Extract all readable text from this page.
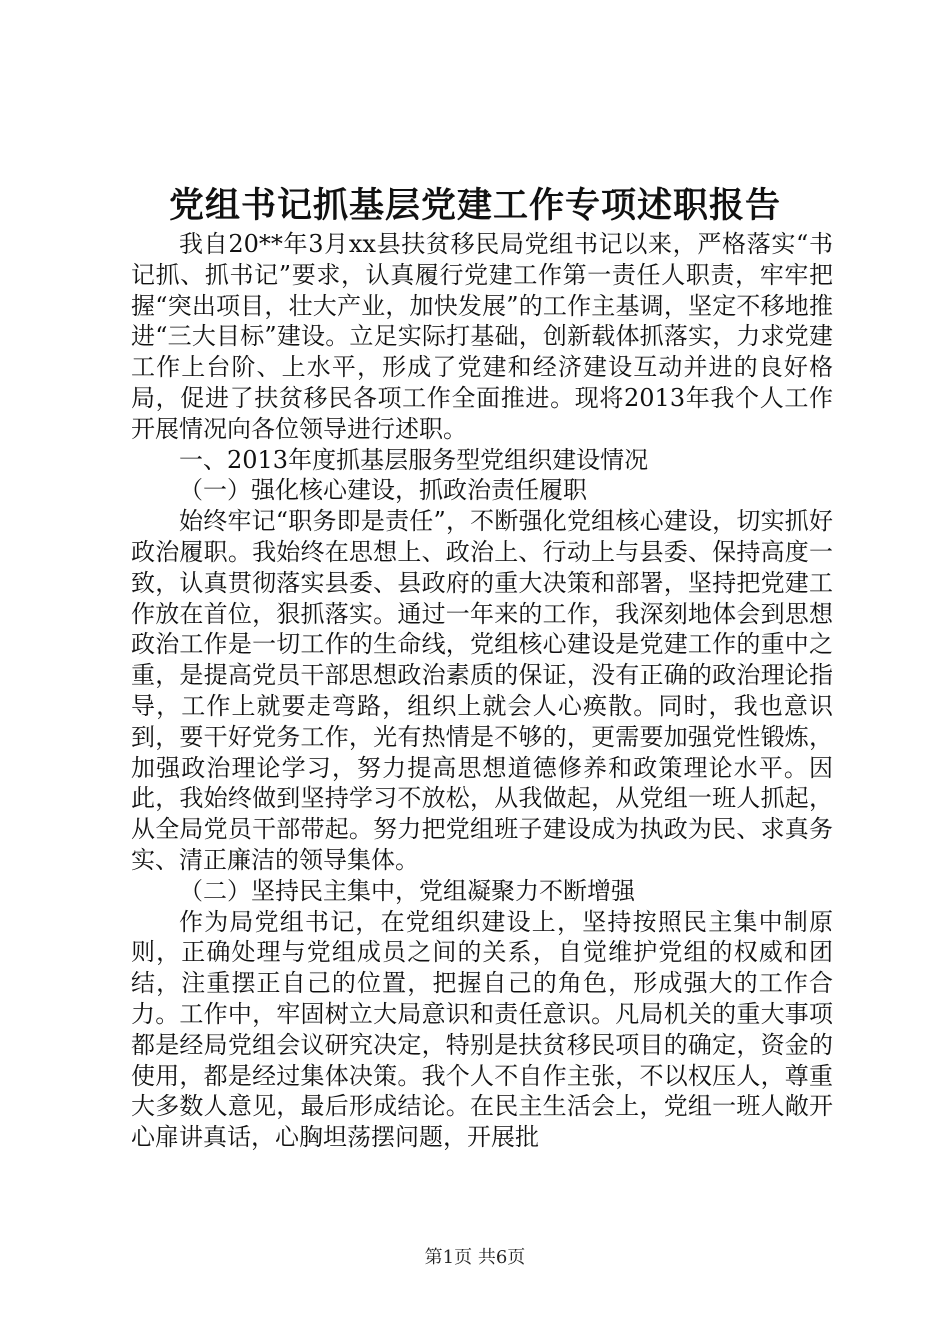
党组书记抓基层党建工作专项述职报告

我自20**年3月xx县扶贫移民局党组书记以来，严格落实“书记抓、抓书记”要求，认真履行党建工作第一责任人职责，牢牢把握“突出项目，壮大产业，加快发展”的工作主基调，坚定不移地推进“三大目标”建设。立足实际打基础，创新载体抓落实，力求党建工作上台阶、上水平，形成了党建和经济建设互动并进的良好格局，促进了扶贫移民各项工作全面推进。现将2013年我个人工作开展情况向各位领导进行述职。

一、2013年度抓基层服务型党组织建设情况

（一）强化核心建设，抓政治责任履职

始终牢记“职务即是责任”，不断强化党组核心建设，切实抓好政治履职。我始终在思想上、政治上、行动上与县委、保持高度一致，认真贯彻落实县委、县政府的重大决策和部署，坚持把党建工作放在首位，狠抓落实。通过一年来的工作，我深刻地体会到思想政治工作是一切工作的生命线，党组核心建设是党建工作的重中之重，是提高党员干部思想政治素质的保证，没有正确的政治理论指导，工作上就要走弯路，组织上就会人心痪散。同时，我也意识到，要干好党务工作，光有热情是不够的，更需要加强党性锻炼，加强政治理论学习，努力提高思想道德修养和政策理论水平。因此，我始终做到坚持学习不放松，从我做起，从党组一班人抓起，从全局党员干部带起。努力把党组班子建设成为执政为民、求真务实、清正廉洁的领导集体。

（二）坚持民主集中，党组凝聚力不断增强

作为局党组书记，在党组织建设上，坚持按照民主集中制原则，正确处理与党组成员之间的关系，自觉维护党组的权威和团结，注重摆正自己的位置，把握自己的角色，形成强大的工作合力。工作中，牢固树立大局意识和责任意识。凡局机关的重大事项都是经局党组会议研究决定，特别是扶贫移民项目的确定，资金的使用，都是经过集体决策。我个人不自作主张，不以权压人，尊重大多数人意见，最后形成结论。在民主生活会上，党组一班人敞开心扉讲真话，心胸坦荡摆问题，开展批

第1页 共6页
